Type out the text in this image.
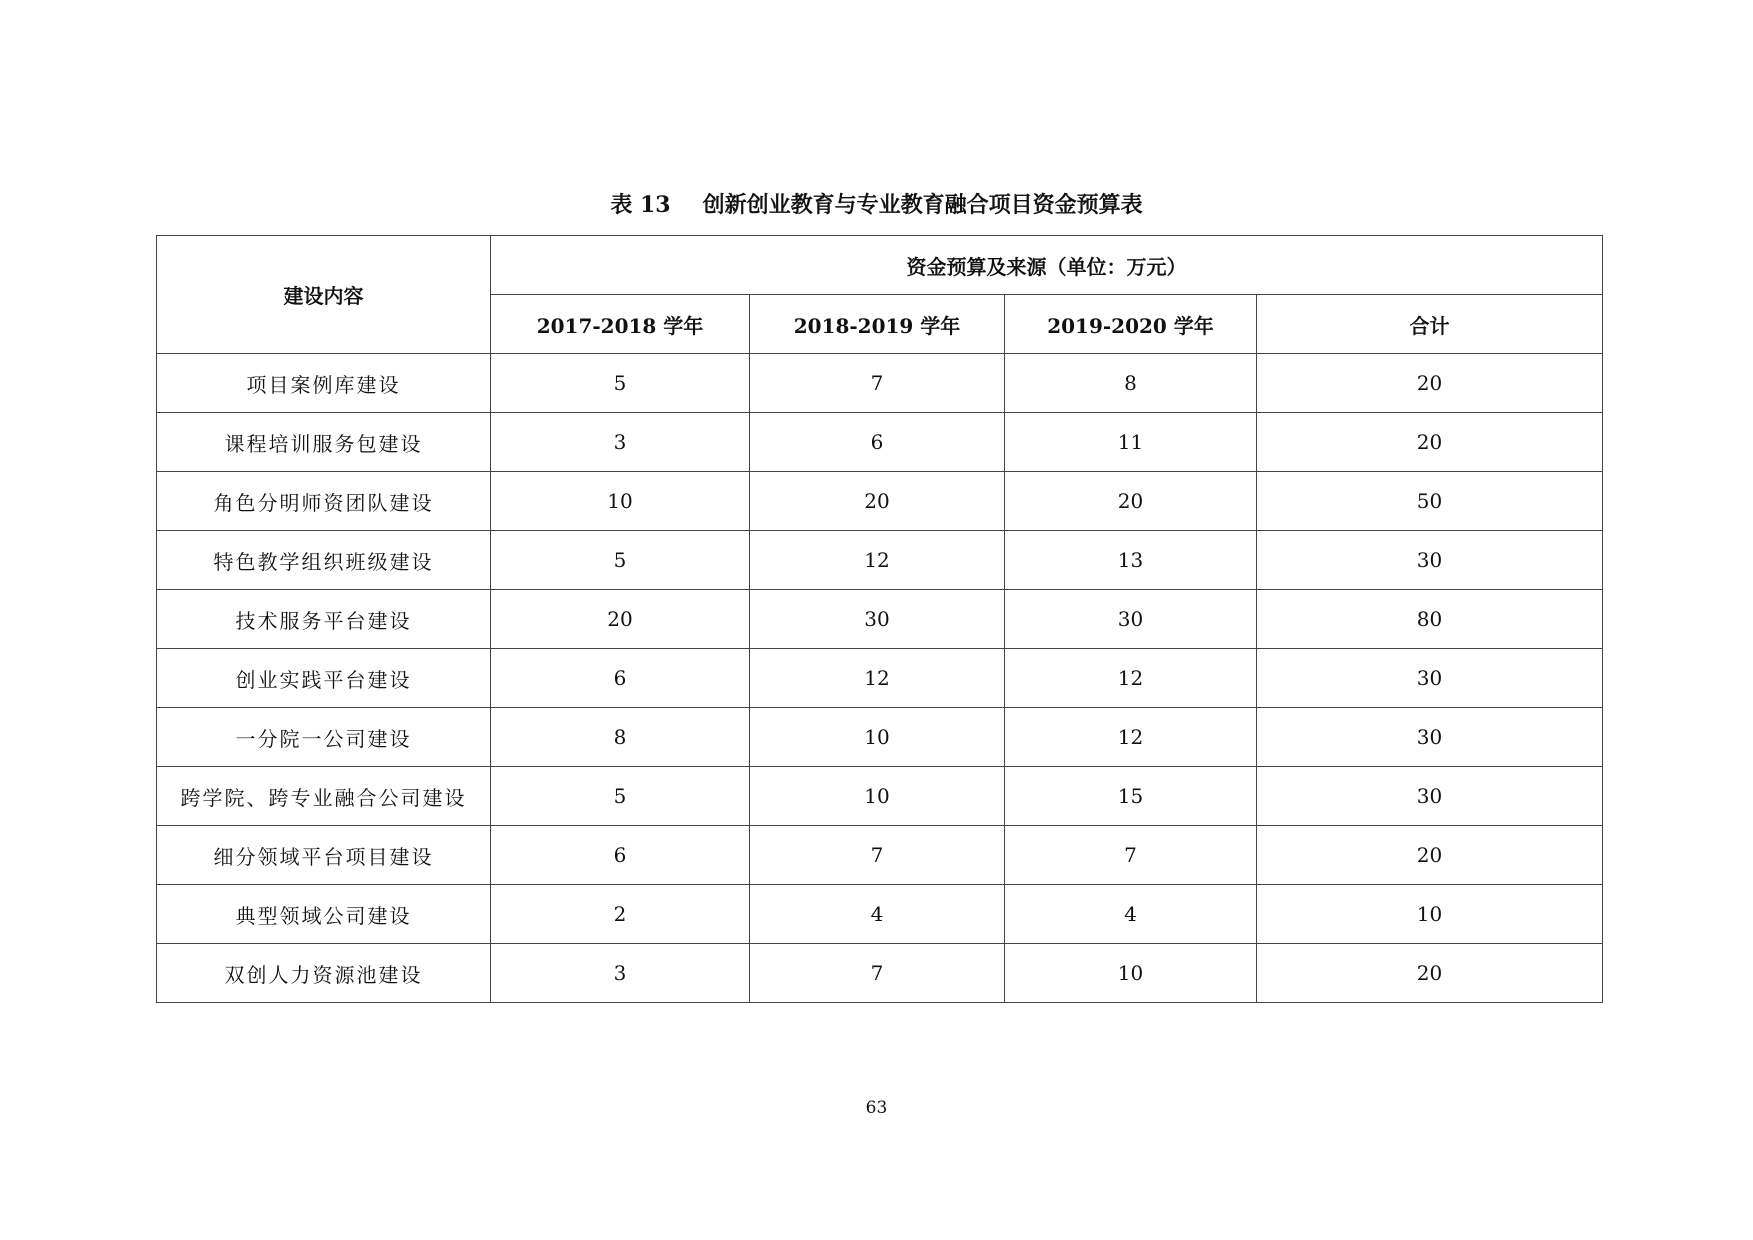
表 13 创新创业教育与专业教育融合项目资金预算表
建设内容	资金预算及来源（单位：万元）			
	2017-2018 学年	2018-2019 学年	2019-2020 学年	合计
项目案例库建设	5	7	8	20
课程培训服务包建设	3	6	11	20
角色分明师资团队建设	10	20	20	50
特色教学组织班级建设	5	12	13	30
技术服务平台建设	20	30	30	80
创业实践平台建设	6	12	12	30
一分院一公司建设	8	10	12	30
跨学院、跨专业融合公司建设	5	10	15	30
细分领域平台项目建设	6	7	7	20
典型领域公司建设	2	4	4	10
双创人力资源池建设	3	7	10	20
63
